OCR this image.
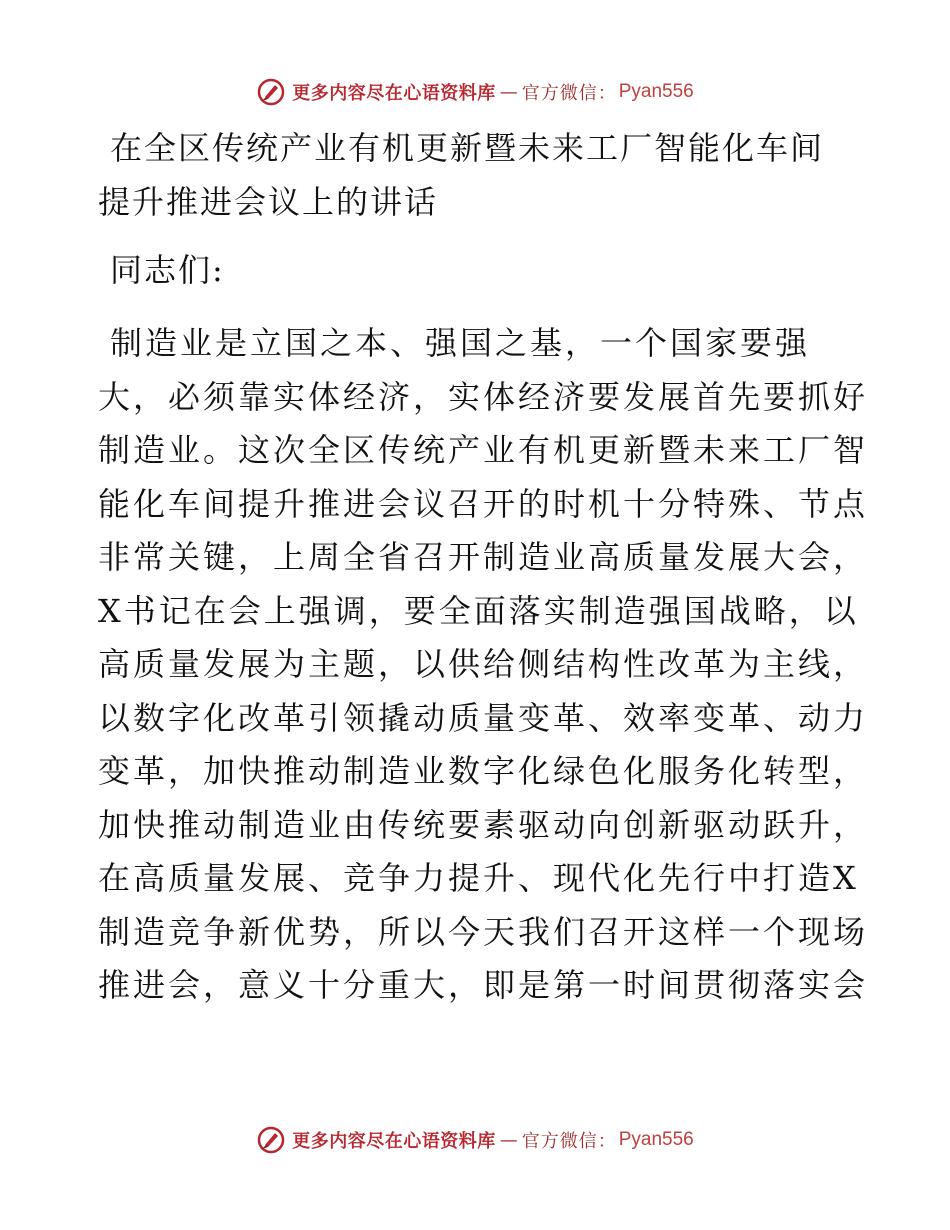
更多内容尽在心语资料库 — 官方微信： Pyan556
在全区传统产业有机更新暨未来工厂智能化车间
提升推进会议上的讲话
同志们:
制造业是立国之本、强国之基，一个国家要强
大，必须靠实体经济，实体经济要发展首先要抓好
制造业。这次全区传统产业有机更新暨未来工厂智
能化车间提升推进会议召开的时机十分特殊、节点
非常关键，上周全省召开制造业高质量发展大会，
X书记在会上强调，要全面落实制造强国战略，以
高质量发展为主题，以供给侧结构性改革为主线，
以数字化改革引领撬动质量变革、效率变革、动力
变革，加快推动制造业数字化绿色化服务化转型，
加快推动制造业由传统要素驱动向创新驱动跃升，
在高质量发展、竞争力提升、现代化先行中打造X
制造竞争新优势，所以今天我们召开这样一个现场
推进会，意义十分重大，即是第一时间贯彻落实会
更多内容尽在心语资料库 — 官方微信： Pyan556
